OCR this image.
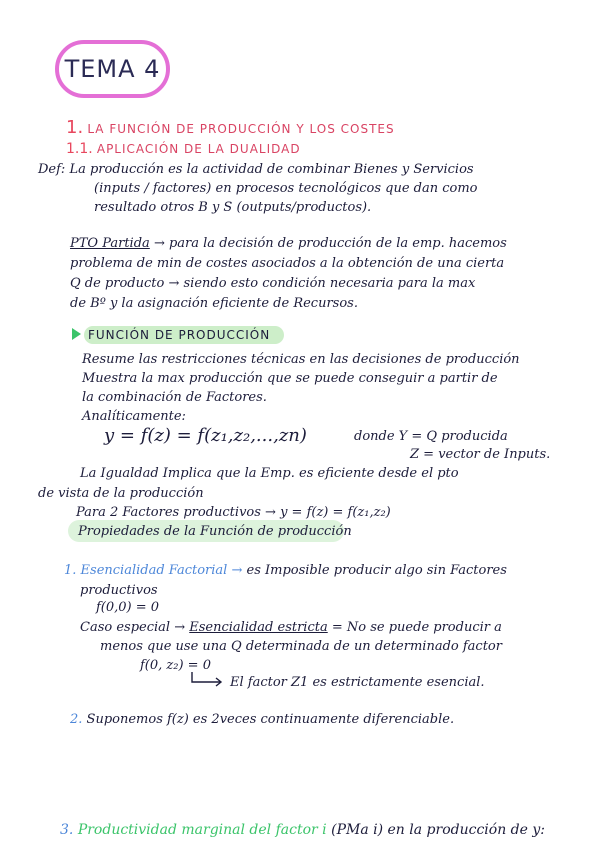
TEMA 4
1. LA FUNCIÓN DE PRODUCCIÓN Y LOS COSTES
1.1. APLICACIÓN DE LA DUALIDAD
Def: La producción es la actividad de combinar Bienes y Servicios
(inputs / factores) en procesos tecnológicos que dan como
resultado otros B y S (outputs/productos).
PTO Partida → para la decisión de producción de la emp. hacemos
problema de min de costes asociados a la obtención de una cierta
Q de producto → siendo esto condición necesaria para la max
de Bº y la asignación eficiente de Recursos.
FUNCIÓN DE PRODUCCIÓN
Resume las restricciones técnicas en las decisiones de producción
Muestra la max producción que se puede conseguir a partir de
la combinación de Factores.
Analíticamente:
y = f(z) = f(z₁,z₂,...,zn)	donde Y = Q producida
Z = vector de Inputs.
La Igualdad Implica que la Emp. es eficiente desde el pto
de vista de la producción
Para 2 Factores productivos → y = f(z) = f(z₁,z₂)
Propiedades de la Función de producción
1. Esencialidad Factorial → es Imposible producir algo sin Factores
productivos
f(0,0) = 0
Caso especial → Esencialidad estricta = No se puede producir a
menos que use una Q determinada de un determinado factor
f(0, z₂) = 0
El factor Z1 es estrictamente esencial.
2. Suponemos f(z) es 2veces continuamente diferenciable.
3. Productividad marginal del factor i (PMa i) en la producción de y:
